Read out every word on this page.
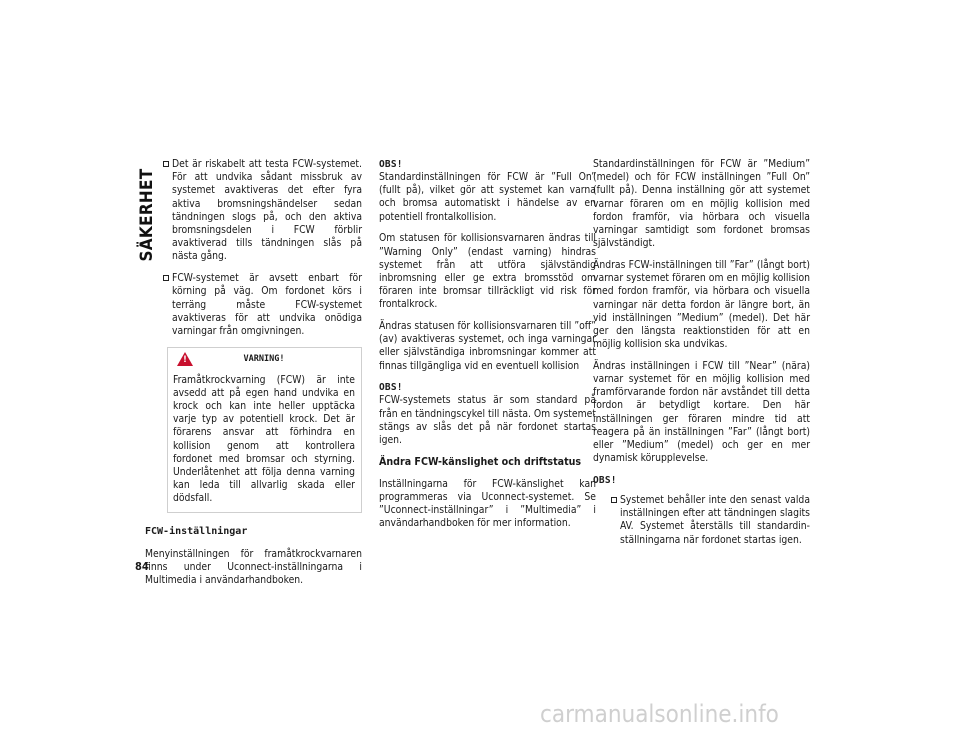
SÄKERHET
84
Det är riskabelt att testa FCW-systemet. För att undvika sådant missbruk av systemet avaktiveras det efter fyra aktiva bromsningshändelser sedan tändningen slogs på, och den aktiva bromsningsdelen i FCW förblir avaktiverad tills tändningen slås på nästa gång.
FCW-systemet är avsett enbart för körning på väg. Om fordonet körs i terräng måste FCW-systemet avaktiveras för att undvika onödiga varningar från omgivningen.
!	VARNING!

Framåtkrockvarning (FCW) är inte avsedd att på egen hand undvika en krock och kan inte heller upptäcka varje typ av potentiell krock. Det är förarens ansvar att förhindra en kollision genom att kontrollera fordonet med bromsar och styrning. Underlåtenhet att följa denna varning kan leda till allvarlig skada eller dödsfall.

FCW-inställningar

Menyinställningen för framåtkrockvarnaren finns under Uconnect-inställningarna i Multimedia i användarhandboken.

OBS!
Standardinställningen för FCW är ”Full On” (fullt på), vilket gör att systemet kan varna och bromsa automatiskt i händelse av en potentiell frontalkollision.

Om statusen för kollisionsvarnaren ändras till ”Warning Only” (endast varning) hindras systemet från att utföra självständig inbromsning eller ge extra bromsstöd om föraren inte bromsar tillräckligt vid risk för frontalkrock.

Ändras statusen för kollisionsvarnaren till ”off” (av) avaktiveras systemet, och inga varningar eller självständiga inbromsningar kommer att finnas tillgängliga vid en eventuell kollision

OBS!
FCW-systemets status är som standard på från en tändningscykel till nästa. Om systemet stängs av slås det på när fordonet startas igen.
Ändra FCW-känslighet och driftstatus

Inställningarna för FCW-känslighet kan programmeras via Uconnect-systemet. Se ”Uconnect-inställningar” i ”Multimedia” i användarhandboken för mer information.

Standardinställningen för FCW är ”Medium” (medel) och för FCW inställningen ”Full On” (fullt på). Denna inställning gör att systemet varnar föraren om en möjlig kollision med fordon framför, via hörbara och visuella varningar samtidigt som fordonet bromsas självständigt.

Ändras FCW-inställningen till ”Far” (långt bort) varnar systemet föraren om en möjlig kollision med fordon framför, via hörbara och visuella varningar när detta fordon är längre bort, än vid inställningen ”Medium” (medel). Det här ger den längsta reaktionstiden för att en möjlig kollision ska undvikas.

Ändras inställningen i FCW till ”Near” (nära) varnar systemet för en möjlig kollision med framförvarande fordon när avståndet till detta fordon är betydligt kortare. Den här inställningen ger föraren mindre tid att reagera på än inställningen ”Far” (långt bort) eller ”Medium” (medel) och ger en mer dynamisk körupplevelse.

OBS!
Systemet behåller inte den senast valda inställningen efter att tändningen slagits AV. Systemet återställs till standardinställningarna när fordonet startas igen.
carmanualsonline.info
